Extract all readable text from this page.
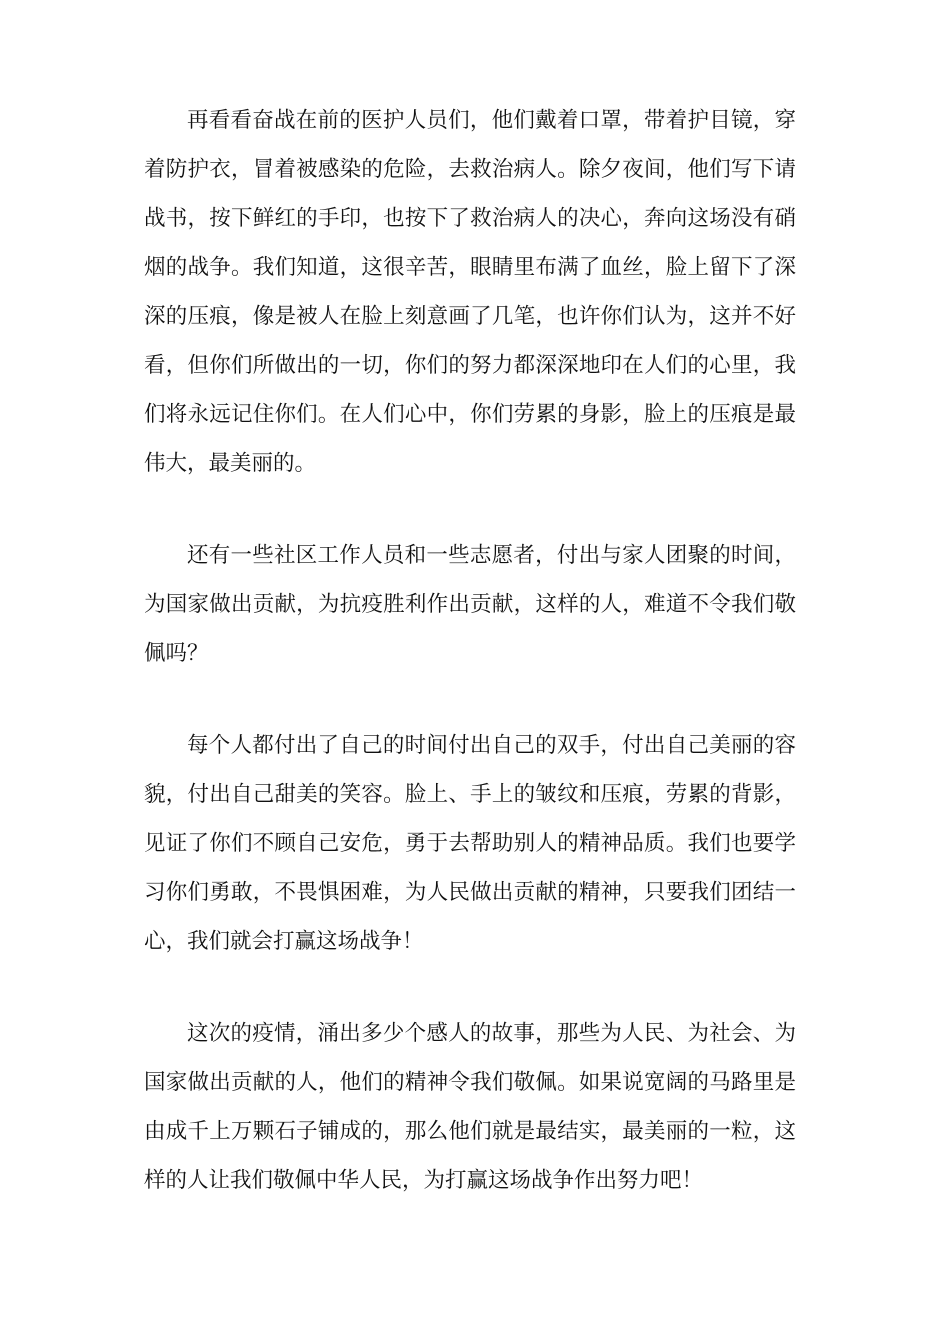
再看看奋战在前的医护人员们，他们戴着口罩，带着护目镜，穿着防护衣，冒着被感染的危险，去救治病人。除夕夜间，他们写下请战书，按下鲜红的手印，也按下了救治病人的决心，奔向这场没有硝烟的战争。我们知道，这很辛苦，眼睛里布满了血丝，脸上留下了深深的压痕，像是被人在脸上刻意画了几笔，也许你们认为，这并不好看，但你们所做出的一切，你们的努力都深深地印在人们的心里，我们将永远记住你们。在人们心中，你们劳累的身影，脸上的压痕是最伟大，最美丽的。

还有一些社区工作人员和一些志愿者，付出与家人团聚的时间，为国家做出贡献，为抗疫胜利作出贡献，这样的人，难道不令我们敬佩吗？

每个人都付出了自己的时间付出自己的双手，付出自己美丽的容貌，付出自己甜美的笑容。脸上、手上的皱纹和压痕，劳累的背影，见证了你们不顾自己安危，勇于去帮助别人的精神品质。我们也要学习你们勇敢，不畏惧困难，为人民做出贡献的精神，只要我们团结一心，我们就会打赢这场战争！

这次的疫情，涌出多少个感人的故事，那些为人民、为社会、为国家做出贡献的人，他们的精神令我们敬佩。如果说宽阔的马路里是由成千上万颗石子铺成的，那么他们就是最结实，最美丽的一粒，这样的人让我们敬佩中华人民，为打赢这场战争作出努力吧！
